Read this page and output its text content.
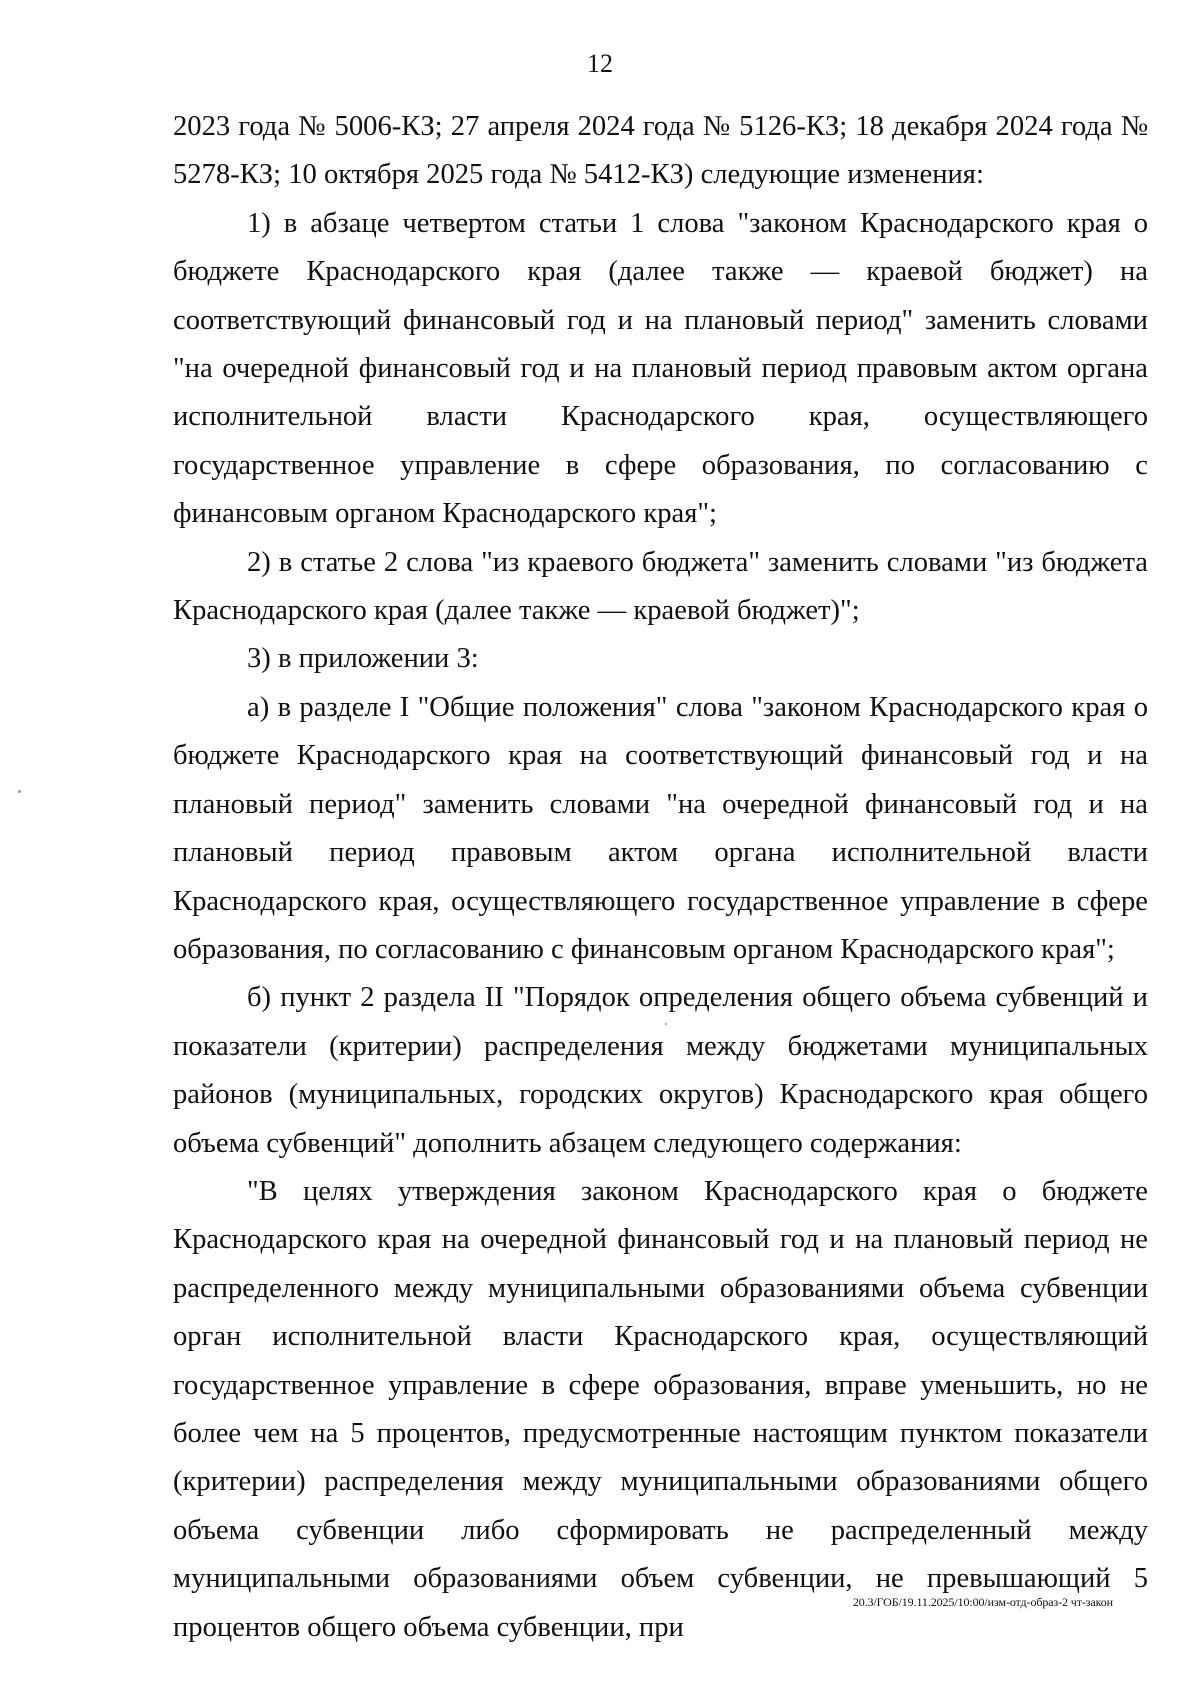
12

2023 года № 5006-КЗ; 27 апреля 2024 года № 5126-КЗ; 18 декабря 2024 года № 5278-КЗ; 10 октября 2025 года № 5412-КЗ) следующие изменения:

1) в абзаце четвертом статьи 1 слова "законом Краснодарского края о бюджете Краснодарского края (далее также — краевой бюджет) на соответствующий финансовый год и на плановый период" заменить словами "на очередной финансовый год и на плановый период правовым актом органа исполнительной власти Краснодарского края, осуществляющего государственное управление в сфере образования, по согласованию с финансовым органом Краснодарского края";

2) в статье 2 слова "из краевого бюджета" заменить словами "из бюджета Краснодарского края (далее также — краевой бюджет)";

3) в приложении 3:

а) в разделе I "Общие положения" слова "законом Краснодарского края о бюджете Краснодарского края на соответствующий финансовый год и на плановый период" заменить словами "на очередной финансовый год и на плановый период правовым актом органа исполнительной власти Краснодарского края, осуществляющего государственное управление в сфере образования, по согласованию с финансовым органом Краснодарского края";

б) пункт 2 раздела II "Порядок определения общего объема субвенций и показатели (критерии) распределения между бюджетами муниципальных районов (муниципальных, городских округов) Краснодарского края общего объема субвенций" дополнить абзацем следующего содержания:

"В целях утверждения законом Краснодарского края о бюджете Краснодарского края на очередной финансовый год и на плановый период не распределенного между муниципальными образованиями объема субвенции орган исполнительной власти Краснодарского края, осуществляющий государственное управление в сфере образования, вправе уменьшить, но не более чем на 5 процентов, предусмотренные настоящим пунктом показатели (критерии) распределения между муниципальными образованиями общего объема субвенции либо сформировать не распределенный между муниципальными образованиями объем субвенции, не превышающий 5 процентов общего объема субвенции, при

20.3/ГОБ/19.11.2025/10:00/изм-отд-образ-2 чт-закон
